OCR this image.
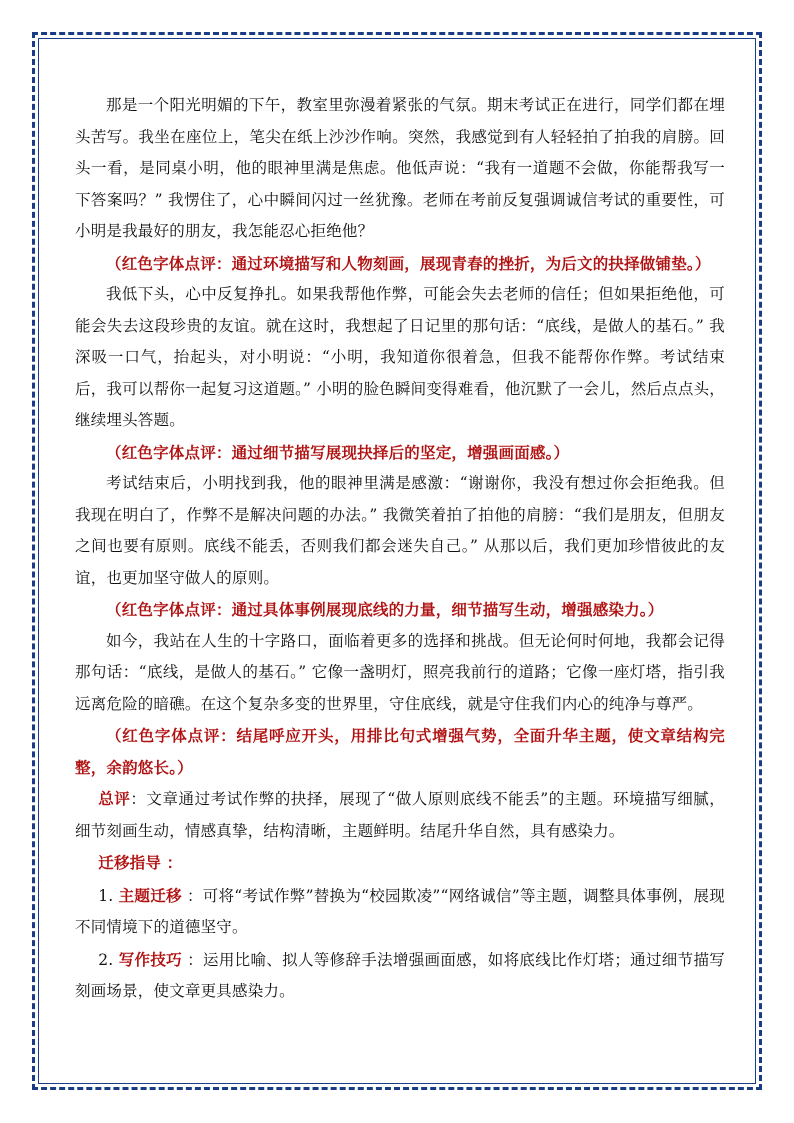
那是一个阳光明媚的下午，教室里弥漫着紧张的气氛。期末考试正在进行，同学们都在埋头苦写。我坐在座位上，笔尖在纸上沙沙作响。突然，我感觉到有人轻轻拍了拍我的肩膀。回头一看，是同桌小明，他的眼神里满是焦虑。他低声说：“我有一道题不会做，你能帮我写一下答案吗？” 我愣住了，心中瞬间闪过一丝犹豫。老师在考前反复强调诚信考试的重要性，可小明是我最好的朋友，我怎能忍心拒绝他？

（红色字体点评：通过环境描写和人物刻画，展现青春的挫折，为后文的抉择做铺垫。）

我低下头，心中反复挣扎。如果我帮他作弊，可能会失去老师的信任；但如果拒绝他，可能会失去这段珍贵的友谊。就在这时，我想起了日记里的那句话：“底线，是做人的基石。” 我深吸一口气，抬起头，对小明说：“小明，我知道你很着急，但我不能帮你作弊。考试结束后，我可以帮你一起复习这道题。” 小明的脸色瞬间变得难看，他沉默了一会儿，然后点点头，继续埋头答题。

（红色字体点评：通过细节描写展现抉择后的坚定，增强画面感。）

考试结束后，小明找到我，他的眼神里满是感激：“谢谢你，我没有想过你会拒绝我。但我现在明白了，作弊不是解决问题的办法。” 我微笑着拍了拍他的肩膀：“我们是朋友，但朋友之间也要有原则。底线不能丢，否则我们都会迷失自己。” 从那以后，我们更加珍惜彼此的友谊，也更加坚守做人的原则。

（红色字体点评：通过具体事例展现底线的力量，细节描写生动，增强感染力。）

如今，我站在人生的十字路口，面临着更多的选择和挑战。但无论何时何地，我都会记得那句话：“底线，是做人的基石。” 它像一盏明灯，照亮我前行的道路；它像一座灯塔，指引我远离危险的暗礁。在这个复杂多变的世界里，守住底线，就是守住我们内心的纯净与尊严。

（红色字体点评：结尾呼应开头，用排比句式增强气势，全面升华主题，使文章结构完整，余韵悠长。）

总评：文章通过考试作弊的抉择，展现了“做人原则底线不能丢”的主题。环境描写细腻，细节刻画生动，情感真挚，结构清晰，主题鲜明。结尾升华自然，具有感染力。

迁移指导 ：

1. 主题迁移 ：可将“考试作弊”替换为“校园欺凌”“网络诚信”等主题，调整具体事例，展现不同情境下的道德坚守。

2. 写作技巧 ：运用比喻、拟人等修辞手法增强画面感，如将底线比作灯塔；通过细节描写刻画场景，使文章更具感染力。
